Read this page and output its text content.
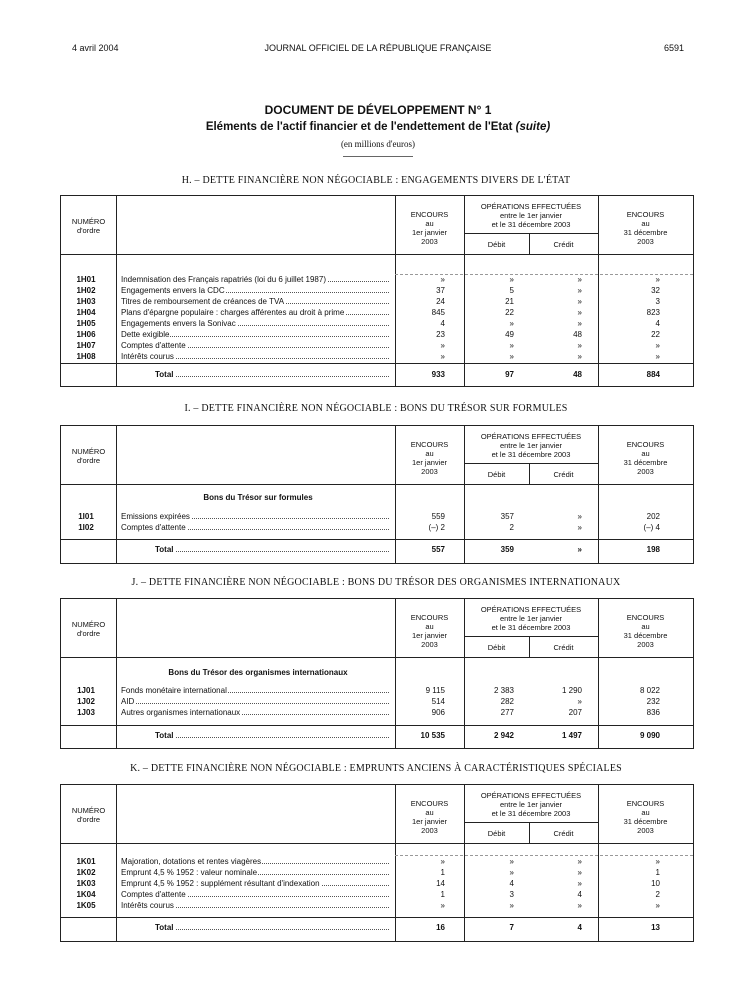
4 avril 2004	JOURNAL OFFICIEL DE LA RÉPUBLIQUE FRANÇAISE	6591
DOCUMENT DE DÉVELOPPEMENT N° 1
Eléments de l'actif financier et de l'endettement de l'Etat (suite)
(en millions d'euros)
H. – DETTE FINANCIÈRE NON NÉGOCIABLE : ENGAGEMENTS DIVERS DE L'ÉTAT
NUMÉRO
d'ordre
ENCOURS
au
1er janvier
2003
OPÉRATIONS EFFECTUÉES
entre le 1er janvier
et le 31 décembre 2003
Débit	Crédit
ENCOURS
au
31 décembre
2003
1H01	Indemnisation des Français rapatriés (loi du 6 juillet 1987)	»	»	»	»
1H02	Engagements envers la CDC	37	5	»	32
1H03	Titres de remboursement de créances de TVA	24	21	»	3
1H04	Plans d'épargne populaire : charges afférentes au droit à prime	845	22	»	823
1H05	Engagements envers la Sonivac	4	»	»	4
1H06	Dette exigible	23	49	48	22
1H07	Comptes d'attente	»	»	»	»
1H08	Intérêts courus	»	»	»	»
Total	933	97	48	884
I. – DETTE FINANCIÈRE NON NÉGOCIABLE : BONS DU TRÉSOR SUR FORMULES
NUMÉRO
d'ordre
ENCOURS
au
1er janvier
2003
OPÉRATIONS EFFECTUÉES
entre le 1er janvier
et le 31 décembre 2003
Débit	Crédit
ENCOURS
au
31 décembre
2003
Bons du Trésor sur formules
1I01	Emissions expirées	559	357	»	202
1I02	Comptes d'attente	(–) 2	2	»	(–) 4
Total	557	359	»	198
J. – DETTE FINANCIÈRE NON NÉGOCIABLE : BONS DU TRÉSOR DES ORGANISMES INTERNATIONAUX
NUMÉRO
d'ordre
ENCOURS
au
1er janvier
2003
OPÉRATIONS EFFECTUÉES
entre le 1er janvier
et le 31 décembre 2003
Débit	Crédit
ENCOURS
au
31 décembre
2003
Bons du Trésor des organismes internationaux
1J01	Fonds monétaire international	9 115	2 383	1 290	8 022
1J02	AID	514	282	»	232
1J03	Autres organismes internationaux	906	277	207	836
Total	10 535	2 942	1 497	9 090
K. – DETTE FINANCIÈRE NON NÉGOCIABLE : EMPRUNTS ANCIENS À CARACTÉRISTIQUES SPÉCIALES
NUMÉRO
d'ordre
ENCOURS
au
1er janvier
2003
OPÉRATIONS EFFECTUÉES
entre le 1er janvier
et le 31 décembre 2003
Débit	Crédit
ENCOURS
au
31 décembre
2003
1K01	Majoration, dotations et rentes viagères	»	»	»	»
1K02	Emprunt 4,5 % 1952 : valeur nominale	1	»	»	1
1K03	Emprunt 4,5 % 1952 : supplément résultant d'indexation	14	4	»	10
1K04	Comptes d'attente	1	3	4	2
1K05	Intérêts courus	»	»	»	»
Total	16	7	4	13
